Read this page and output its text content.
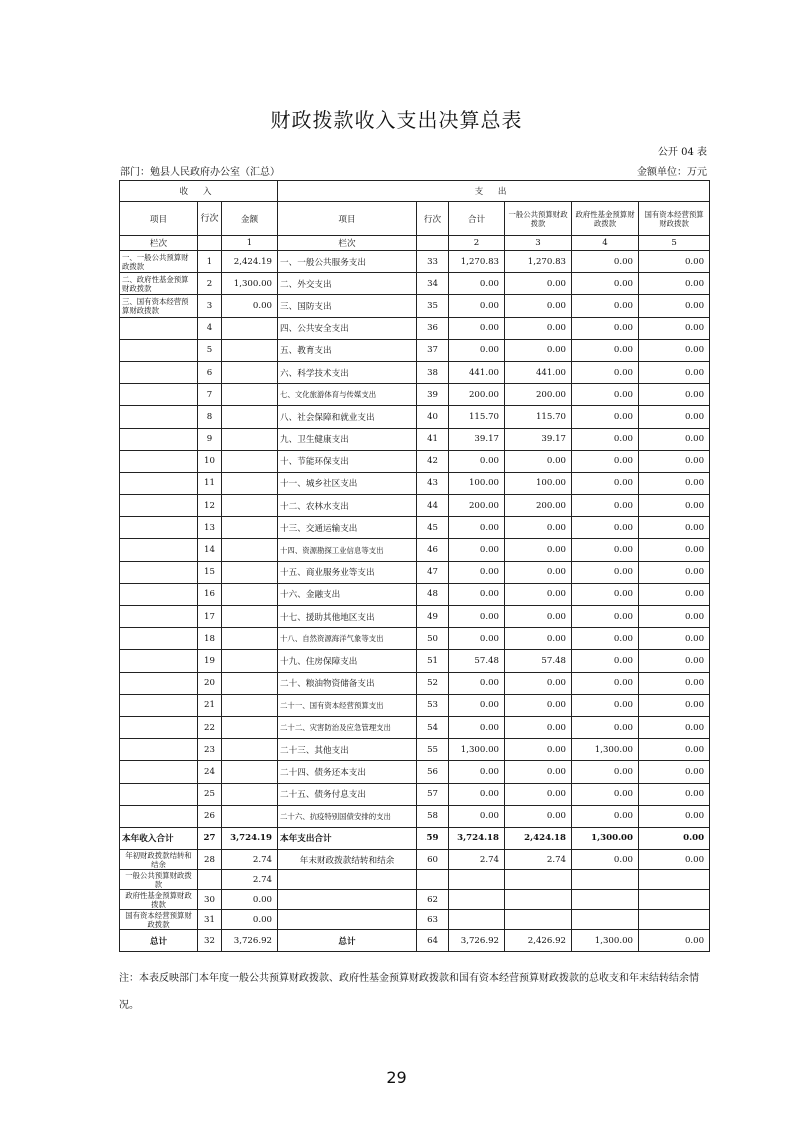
财政拨款收入支出决算总表
公开 04 表
部门：勉县人民政府办公室（汇总）	金额单位：万元
收 入			支 出					
项目	行次	金额	项目	行次	合计	一般公共预算财政拨款	政府性基金预算财政拨款	国有资本经营预算财政拨款
栏次		1	栏次		2	3	4	5
一、一般公共预算财政拨款	1	2,424.19	一、一般公共服务支出	33	1,270.83	1,270.83	0.00	0.00
二、政府性基金预算财政拨款	2	1,300.00	二、外交支出	34	0.00	0.00	0.00	0.00
三、国有资本经营预算财政拨款	3	0.00	三、国防支出	35	0.00	0.00	0.00	0.00
	4		四、公共安全支出	36	0.00	0.00	0.00	0.00
	5		五、教育支出	37	0.00	0.00	0.00	0.00
	6		六、科学技术支出	38	441.00	441.00	0.00	0.00
	7		七、文化旅游体育与传媒支出	39	200.00	200.00	0.00	0.00
	8		八、社会保障和就业支出	40	115.70	115.70	0.00	0.00
	9		九、卫生健康支出	41	39.17	39.17	0.00	0.00
	10		十、节能环保支出	42	0.00	0.00	0.00	0.00
	11		十一、城乡社区支出	43	100.00	100.00	0.00	0.00
	12		十二、农林水支出	44	200.00	200.00	0.00	0.00
	13		十三、交通运输支出	45	0.00	0.00	0.00	0.00
	14		十四、资源勘探工业信息等支出	46	0.00	0.00	0.00	0.00
	15		十五、商业服务业等支出	47	0.00	0.00	0.00	0.00
	16		十六、金融支出	48	0.00	0.00	0.00	0.00
	17		十七、援助其他地区支出	49	0.00	0.00	0.00	0.00
	18		十八、自然资源海洋气象等支出	50	0.00	0.00	0.00	0.00
	19		十九、住房保障支出	51	57.48	57.48	0.00	0.00
	20		二十、粮油物资储备支出	52	0.00	0.00	0.00	0.00
	21		二十一、国有资本经营预算支出	53	0.00	0.00	0.00	0.00
	22		二十二、灾害防治及应急管理支出	54	0.00	0.00	0.00	0.00
	23		二十三、其他支出	55	1,300.00	0.00	1,300.00	0.00
	24		二十四、债务还本支出	56	0.00	0.00	0.00	0.00
	25		二十五、债务付息支出	57	0.00	0.00	0.00	0.00
	26		二十六、抗疫特别国债安排的支出	58	0.00	0.00	0.00	0.00
本年收入合计	27	3,724.19	本年支出合计	59	3,724.18	2,424.18	1,300.00	0.00
年初财政拨款结转和结余	28	2.74	年末财政拨款结转和结余	60	2.74	2.74	0.00	0.00
一般公共预算财政拨款		2.74						
政府性基金预算财政拨款	30	0.00		62				
国有资本经营预算财政拨款	31	0.00		63				
总计	32	3,726.92	总计	64	3,726.92	2,426.92	1,300.00	0.00
注：本表反映部门本年度一般公共预算财政拨款、政府性基金预算财政拨款和国有资本经营预算财政拨款的总收支和年末结转结余情况。
29
